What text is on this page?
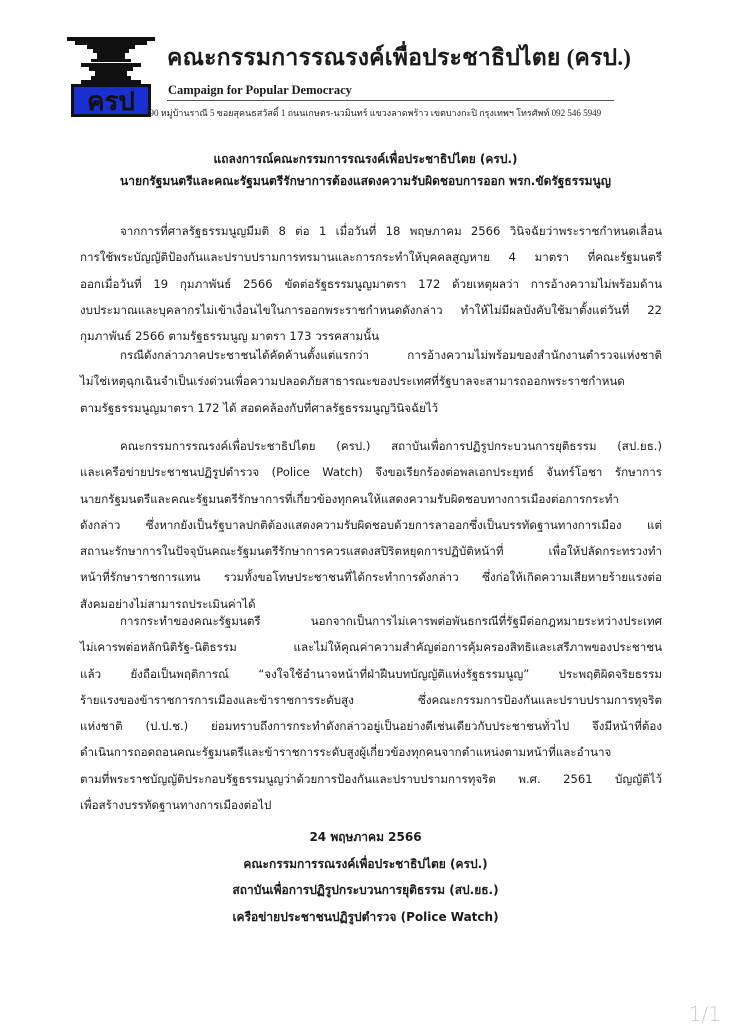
ครป
คณะกรรมการรณรงค์เพื่อประชาธิปไตย (ครป.)
Campaign for Popular Democracy
390 หมู่บ้านราณี 5 ซอยสุคนธสวัสดิ์ 1 ถนนเกษตร-นวมินทร์ แขวงลาดพร้าว เขตบางกะปิ กรุงเทพฯ โทรศัพท์ 092 546 5949
แถลงการณ์คณะกรรมการรณรงค์เพื่อประชาธิปไตย (ครป.)
นายกรัฐมนตรีและคณะรัฐมนตรีรักษาการต้องแสดงความรับผิดชอบการออก พรก.ขัดรัฐธรรมนูญ
จากการที่ศาลรัฐธรรมนูญมีมติ 8 ต่อ 1 เมื่อวันที่ 18 พฤษภาคม 2566 วินิจฉัยว่าพระราชกำหนดเลื่อน
การใช้พระบัญญัติป้องกันและปราบปรามการทรมานและการกระทำให้บุคคลสูญหาย 4 มาตรา ที่คณะรัฐมนตรี
ออกเมื่อวันที่ 19 กุมภาพันธ์ 2566 ขัดต่อรัฐธรรมนูญมาตรา 172 ด้วยเหตุผลว่า การอ้างความไม่พร้อมด้าน
งบประมาณและบุคลากรไม่เข้าเงื่อนไขในการออกพระราชกำหนดดังกล่าว ทำให้ไม่มีผลบังคับใช้มาตั้งแต่วันที่ 22
กุมภาพันธ์ 2566 ตามรัฐธรรมนูญ มาตรา 173 วรรคสามนั้น
กรณีดังกล่าวภาคประชาชนได้คัดค้านตั้งแต่แรกว่า การอ้างความไม่พร้อมของสำนักงานตำรวจแห่งชาติ
ไม่ใช่เหตุฉุกเฉินจำเป็นเร่งด่วนเพื่อความปลอดภัยสาธารณะของประเทศที่รัฐบาลจะสามารถออกพระราชกำหนด
ตามรัฐธรรมนูญมาตรา 172 ได้ สอดคล้องกับที่ศาลรัฐธรรมนูญวินิจฉัยไว้
คณะกรรมการรณรงค์เพื่อประชาธิปไตย (ครป.) สถาบันเพื่อการปฏิรูปกระบวนการยุติธรรม (สป.ยธ.)
และเครือข่ายประชาชนปฏิรูปตำรวจ (Police Watch) จึงขอเรียกร้องต่อพลเอกประยุทธ์ จันทร์โอชา รักษาการ
นายกรัฐมนตรีและคณะรัฐมนตรีรักษาการที่เกี่ยวข้องทุกคนให้แสดงความรับผิดชอบทางการเมืองต่อการกระทำ
ดังกล่าว ซึ่งหากยังเป็นรัฐบาลปกติต้องแสดงความรับผิดชอบด้วยการลาออกซึ่งเป็นบรรทัดฐานทางการเมือง แต่
สถานะรักษาการในปัจจุบันคณะรัฐมนตรีรักษาการควรแสดงสปิริตหยุดการปฏิบัติหน้าที่ เพื่อให้ปลัดกระทรวงทำ
หน้าที่รักษาราชการแทน รวมทั้งขอโทษประชาชนที่ได้กระทำการดังกล่าว ซึ่งก่อให้เกิดความเสียหายร้ายแรงต่อ
สังคมอย่างไม่สามารถประเมินค่าได้
การกระทำของคณะรัฐมนตรี นอกจากเป็นการไม่เคารพต่อพันธกรณีที่รัฐมีต่อกฎหมายระหว่างประเทศ
ไม่เคารพต่อหลักนิติรัฐ-นิติธรรม และไม่ให้คุณค่าความสำคัญต่อการคุ้มครองสิทธิและเสรีภาพของประชาชน
แล้ว ยังถือเป็นพฤติการณ์ “จงใจใช้อำนาจหน้าที่ฝ่าฝืนบทบัญญัติแห่งรัฐธรรมนูญ” ประพฤติผิดจริยธรรม
ร้ายแรงของข้าราชการการเมืองและข้าราชการระดับสูง ซึ่งคณะกรรมการป้องกันและปราบปรามการทุจริต
แห่งชาติ (ป.ป.ช.) ย่อมทราบถึงการกระทำดังกล่าวอยู่เป็นอย่างดีเช่นเดียวกับประชาชนทั่วไป จึงมีหน้าที่ต้อง
ดำเนินการถอดถอนคณะรัฐมนตรีและข้าราชการระดับสูงผู้เกี่ยวข้องทุกคนจากตำแหน่งตามหน้าที่และอำนาจ
ตามที่พระราชบัญญัติประกอบรัฐธรรมนูญว่าด้วยการป้องกันและปราบปรามการทุจริต พ.ศ. 2561 บัญญัติไว้
เพื่อสร้างบรรทัดฐานทางการเมืองต่อไป
24 พฤษภาคม 2566
คณะกรรมการรณรงค์เพื่อประชาธิปไตย (ครป.)
สถาบันเพื่อการปฏิรูปกระบวนการยุติธรรม (สป.ยธ.)
เครือข่ายประชาชนปฏิรูปตำรวจ (Police Watch)
1/1
